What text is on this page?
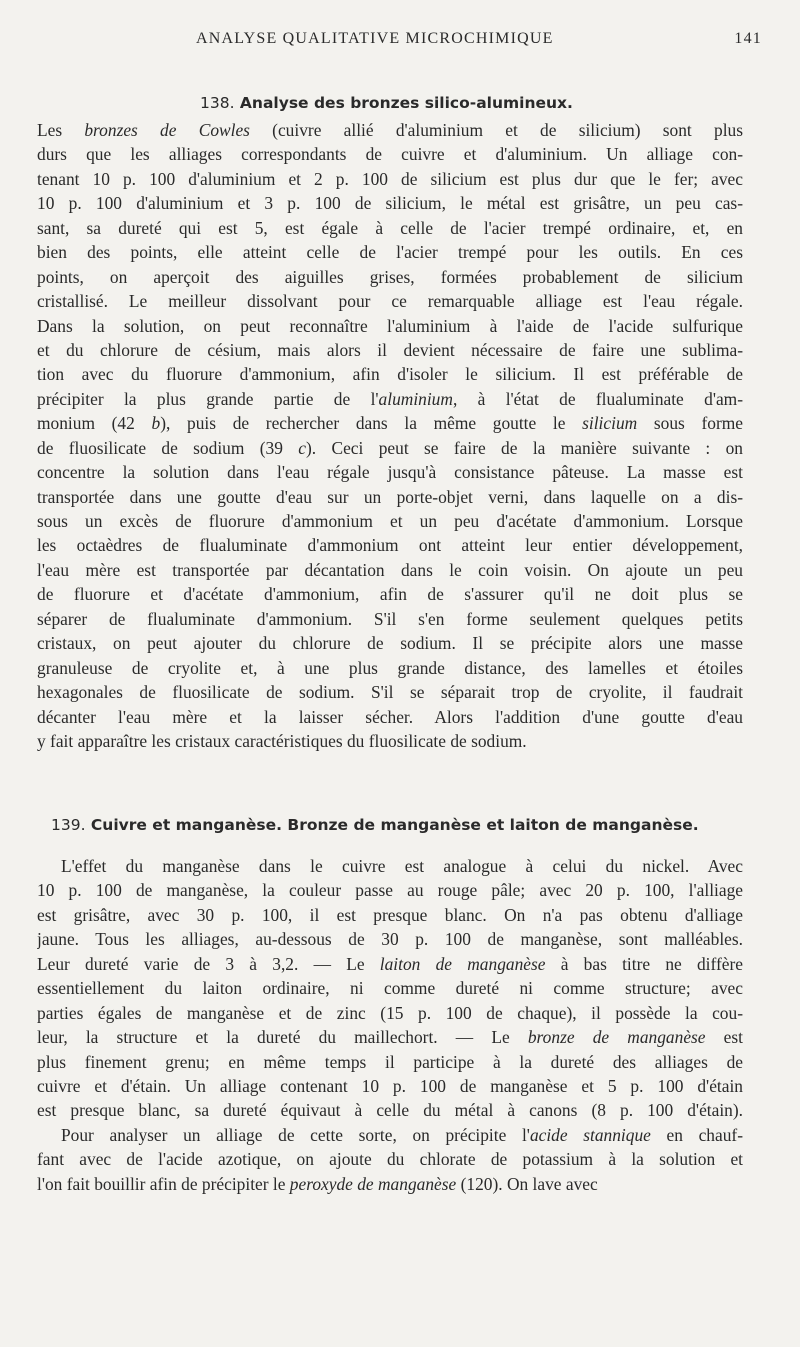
ANALYSE QUALITATIVE MICROCHIMIQUE	141
138. Analyse des bronzes silico-alumineux.
Les bronzes de Cowles (cuivre allié d'aluminium et de silicium) sont plus
durs que les alliages correspondants de cuivre et d'aluminium. Un alliage con-
tenant 10 p. 100 d'aluminium et 2 p. 100 de silicium est plus dur que le fer; avec
10 p. 100 d'aluminium et 3 p. 100 de silicium, le métal est grisâtre, un peu cas-
sant, sa dureté qui est 5, est égale à celle de l'acier trempé ordinaire, et, en
bien des points, elle atteint celle de l'acier trempé pour les outils. En ces
points, on aperçoit des aiguilles grises, formées probablement de silicium
cristallisé. Le meilleur dissolvant pour ce remarquable alliage est l'eau régale.
Dans la solution, on peut reconnaître l'aluminium à l'aide de l'acide sulfurique
et du chlorure de césium, mais alors il devient nécessaire de faire une sublima-
tion avec du fluorure d'ammonium, afin d'isoler le silicium. Il est préférable de
précipiter la plus grande partie de l'aluminium, à l'état de flualuminate d'am-
monium (42 b), puis de rechercher dans la même goutte le silicium sous forme
de fluosilicate de sodium (39 c). Ceci peut se faire de la manière suivante : on
concentre la solution dans l'eau régale jusqu'à consistance pâteuse. La masse est
transportée dans une goutte d'eau sur un porte-objet verni, dans laquelle on a dis-
sous un excès de fluorure d'ammonium et un peu d'acétate d'ammonium. Lorsque
les octaèdres de flualuminate d'ammonium ont atteint leur entier développement,
l'eau mère est transportée par décantation dans le coin voisin. On ajoute un peu
de fluorure et d'acétate d'ammonium, afin de s'assurer qu'il ne doit plus se
séparer de flualuminate d'ammonium. S'il s'en forme seulement quelques petits
cristaux, on peut ajouter du chlorure de sodium. Il se précipite alors une masse
granuleuse de cryolite et, à une plus grande distance, des lamelles et étoiles
hexagonales de fluosilicate de sodium. S'il se séparait trop de cryolite, il faudrait
décanter l'eau mère et la laisser sécher. Alors l'addition d'une goutte d'eau
y fait apparaître les cristaux caractéristiques du fluosilicate de sodium.
139. Cuivre et manganèse. Bronze de manganèse et laiton de manganèse.
L'effet du manganèse dans le cuivre est analogue à celui du nickel. Avec
10 p. 100 de manganèse, la couleur passe au rouge pâle; avec 20 p. 100, l'alliage
est grisâtre, avec 30 p. 100, il est presque blanc. On n'a pas obtenu d'alliage
jaune. Tous les alliages, au-dessous de 30 p. 100 de manganèse, sont malléables.
Leur dureté varie de 3 à 3,2. — Le laiton de manganèse à bas titre ne diffère
essentiellement du laiton ordinaire, ni comme dureté ni comme structure; avec
parties égales de manganèse et de zinc (15 p. 100 de chaque), il possède la cou-
leur, la structure et la dureté du maillechort. — Le bronze de manganèse est
plus finement grenu; en même temps il participe à la dureté des alliages de
cuivre et d'étain. Un alliage contenant 10 p. 100 de manganèse et 5 p. 100 d'étain
est presque blanc, sa dureté équivaut à celle du métal à canons (8 p. 100 d'étain).
Pour analyser un alliage de cette sorte, on précipite l'acide stannique en chauf-
fant avec de l'acide azotique, on ajoute du chlorate de potassium à la solution et
l'on fait bouillir afin de précipiter le peroxyde de manganèse (120). On lave avec
